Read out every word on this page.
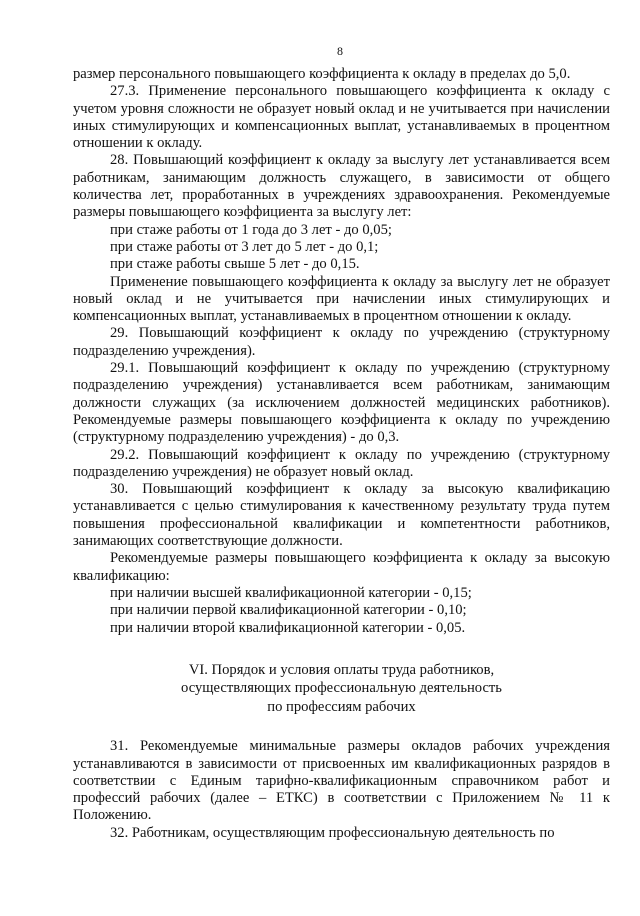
8

размер персонального повышающего коэффициента к окладу в пределах до 5,0.

27.3. Применение персонального повышающего коэффициента к окладу с учетом уровня сложности не образует новый оклад и не учитывается при начислении иных стимулирующих и компенсационных выплат, устанавливаемых в процентном отношении к окладу.

28. Повышающий коэффициент к окладу за выслугу лет устанавливается всем работникам, занимающим должность служащего, в зависимости от общего количества лет, проработанных в учреждениях здравоохранения. Рекомендуемые размеры повышающего коэффициента за выслугу лет:

при стаже работы от 1 года до 3 лет - до 0,05;

при стаже работы от 3 лет до 5 лет - до 0,1;

при стаже работы свыше 5 лет - до 0,15.

Применение повышающего коэффициента к окладу за выслугу лет не образует новый оклад и не учитывается при начислении иных стимулирующих и компенсационных выплат, устанавливаемых в процентном отношении к окладу.

29. Повышающий коэффициент к окладу по учреждению (структурному подразделению учреждения).

29.1. Повышающий коэффициент к окладу по учреждению (структурному подразделению учреждения) устанавливается всем работникам, занимающим должности служащих (за исключением должностей медицинских работников). Рекомендуемые размеры повышающего коэффициента к окладу по учреждению (структурному подразделению учреждения) - до 0,3.

29.2. Повышающий коэффициент к окладу по учреждению (структурному подразделению учреждения) не образует новый оклад.

30. Повышающий коэффициент к окладу за высокую квалификацию устанавливается с целью стимулирования к качественному результату труда путем повышения профессиональной квалификации и компетентности работников, занимающих соответствующие должности.

Рекомендуемые размеры повышающего коэффициента к окладу за высокую квалификацию:

при наличии высшей квалификационной категории - 0,15;

при наличии первой квалификационной категории - 0,10;

при наличии второй квалификационной категории - 0,05.

VI. Порядок и условия оплаты труда работников,
осуществляющих профессиональную деятельность
по профессиям рабочих

31. Рекомендуемые минимальные размеры окладов рабочих учреждения устанавливаются в зависимости от присвоенных им квалификационных разрядов в соответствии с Единым тарифно-квалификационным справочником работ и профессий рабочих (далее – ЕТКС) в соответствии с Приложением № 11 к Положению.

32. Работникам, осуществляющим профессиональную деятельность по
